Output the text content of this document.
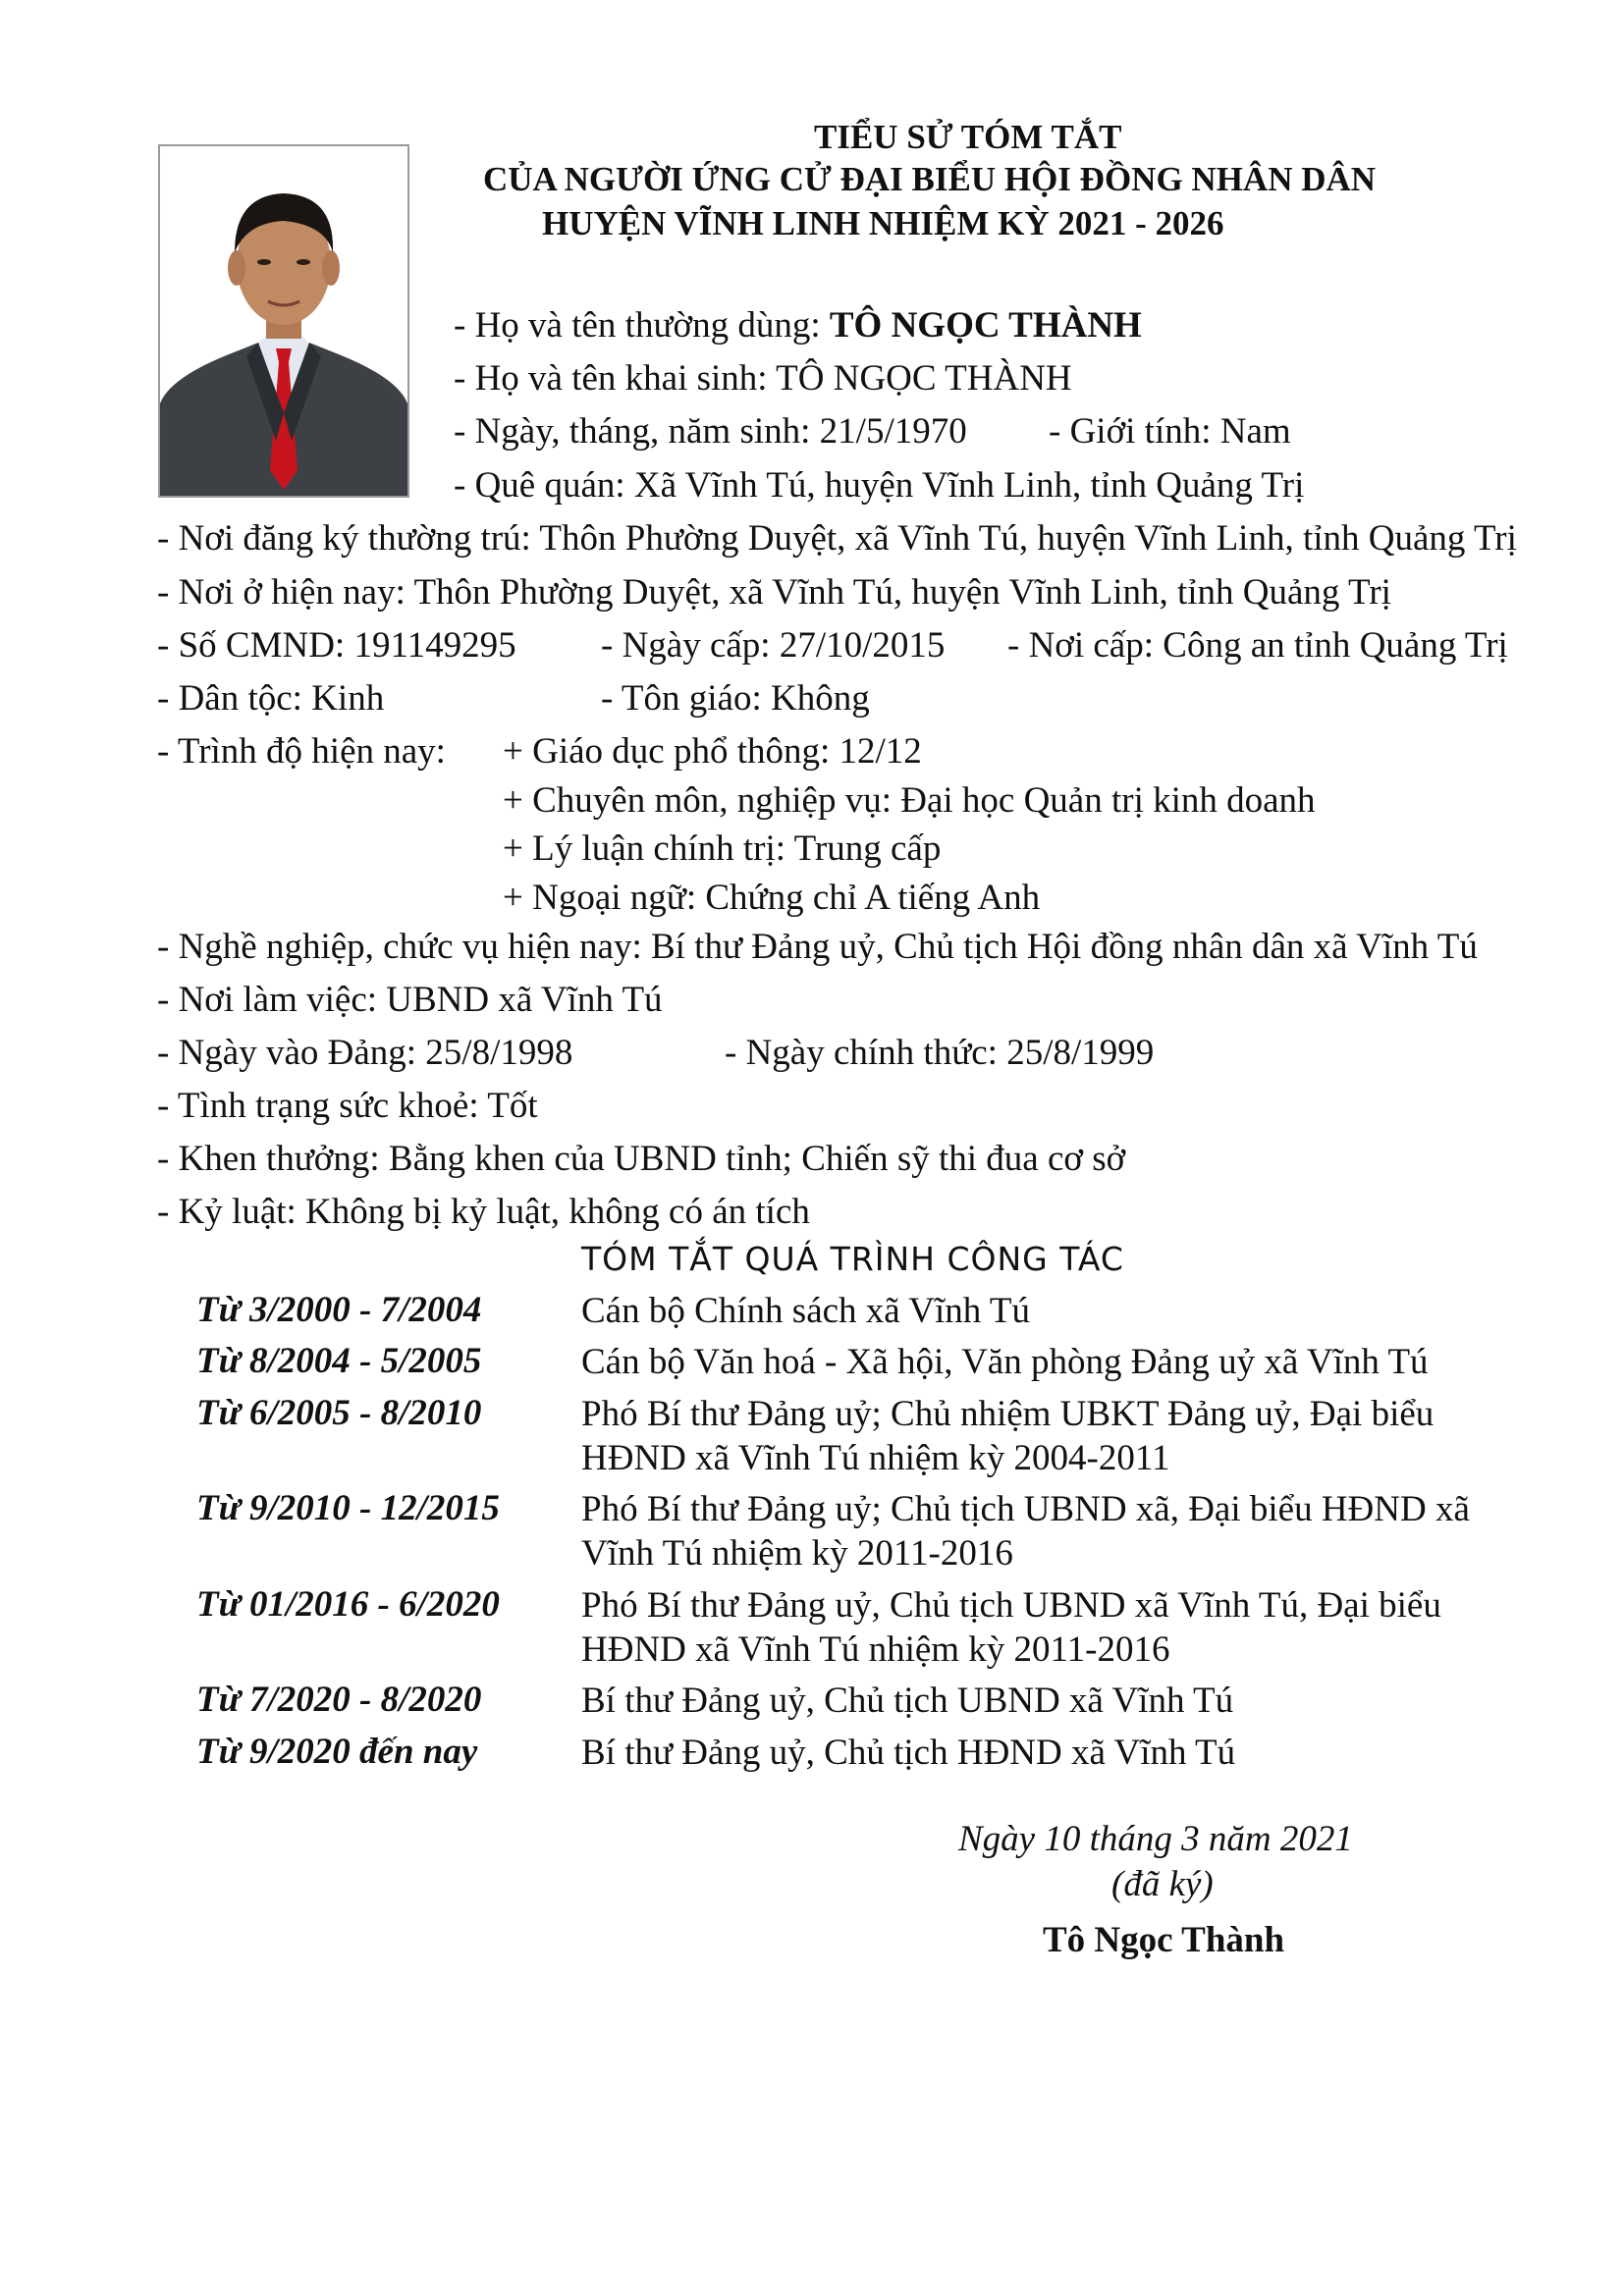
TIỂU SỬ TÓM TẮT
CỦA NGƯỜI ỨNG CỬ ĐẠI BIỂU HỘI ĐỒNG NHÂN DÂN
HUYỆN VĨNH LINH NHIỆM KỲ 2021 - 2026
- Họ và tên thường dùng: TÔ NGỌC THÀNH
- Họ và tên khai sinh: TÔ NGỌC THÀNH
- Ngày, tháng, năm sinh: 21/5/1970 - Giới tính: Nam
- Quê quán: Xã Vĩnh Tú, huyện Vĩnh Linh, tỉnh Quảng Trị
- Nơi đăng ký thường trú: Thôn Phường Duyệt, xã Vĩnh Tú, huyện Vĩnh Linh, tỉnh Quảng Trị
- Nơi ở hiện nay: Thôn Phường Duyệt, xã Vĩnh Tú, huyện Vĩnh Linh, tỉnh Quảng Trị
- Số CMND: 191149295 - Ngày cấp: 27/10/2015 - Nơi cấp: Công an tỉnh Quảng Trị
- Dân tộc: Kinh	- Tôn giáo: Không
- Trình độ hiện nay: + Giáo dục phổ thông: 12/12
+ Chuyên môn, nghiệp vụ: Đại học Quản trị kinh doanh
+ Lý luận chính trị: Trung cấp
+ Ngoại ngữ: Chứng chỉ A tiếng Anh
- Nghề nghiệp, chức vụ hiện nay: Bí thư Đảng uỷ, Chủ tịch Hội đồng nhân dân xã Vĩnh Tú
- Nơi làm việc: UBND xã Vĩnh Tú
- Ngày vào Đảng: 25/8/1998	- Ngày chính thức: 25/8/1999
- Tình trạng sức khoẻ: Tốt
- Khen thưởng: Bằng khen của UBND tỉnh; Chiến sỹ thi đua cơ sở
- Kỷ luật: Không bị kỷ luật, không có án tích
TÓM TẮT QUÁ TRÌNH CÔNG TÁC
Từ 3/2000 - 7/2004	Cán bộ Chính sách xã Vĩnh Tú
Từ 8/2004 - 5/2005	Cán bộ Văn hoá - Xã hội, Văn phòng Đảng uỷ xã Vĩnh Tú
Từ 6/2005 - 8/2010	Phó Bí thư Đảng uỷ; Chủ nhiệm UBKT Đảng uỷ, Đại biểu HĐND xã Vĩnh Tú nhiệm kỳ 2004-2011
Từ 9/2010 - 12/2015 Phó Bí thư Đảng uỷ; Chủ tịch UBND xã, Đại biểu HĐND xã Vĩnh Tú nhiệm kỳ 2011-2016
Từ 01/2016 - 6/2020 Phó Bí thư Đảng uỷ, Chủ tịch UBND xã Vĩnh Tú, Đại biểu HĐND xã Vĩnh Tú nhiệm kỳ 2011-2016
Từ 7/2020 - 8/2020	Bí thư Đảng uỷ, Chủ tịch UBND xã Vĩnh Tú
Từ 9/2020 đến nay	Bí thư Đảng uỷ, Chủ tịch HĐND xã Vĩnh Tú
Ngày 10 tháng 3 năm 2021
(đã ký)
Tô Ngọc Thành
